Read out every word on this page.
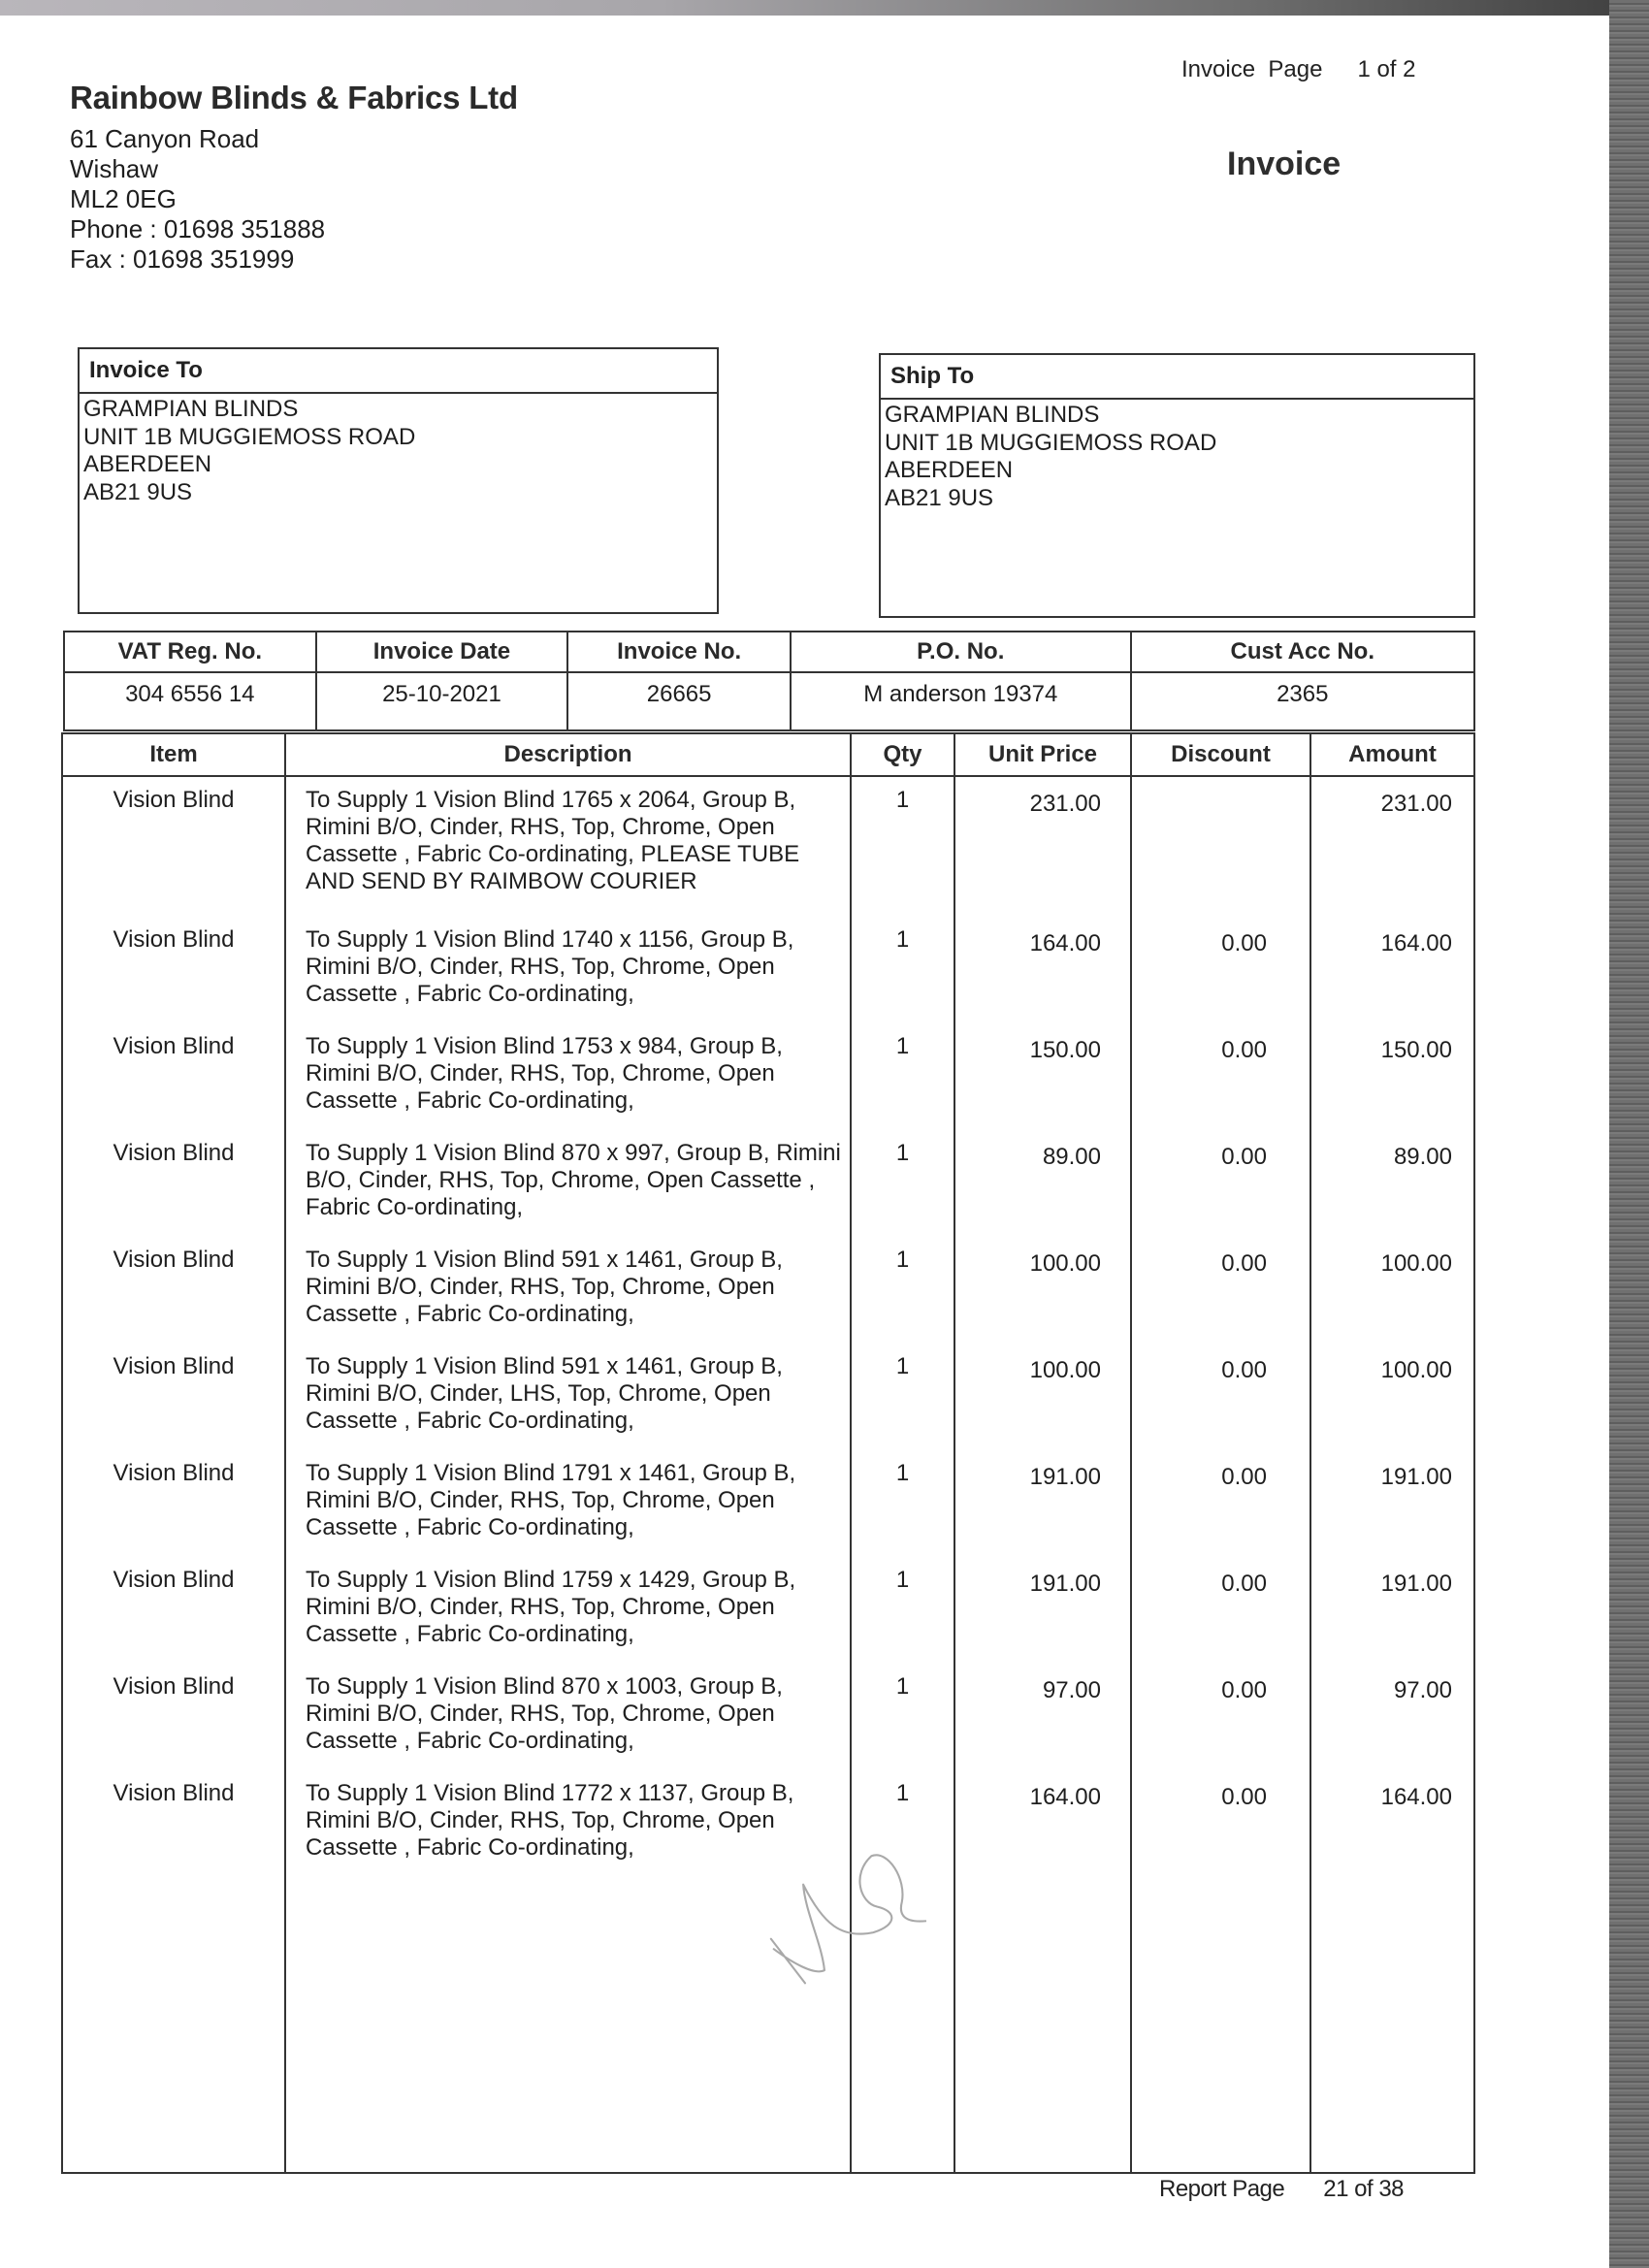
Rainbow Blinds & Fabrics Ltd
61 Canyon Road
Wishaw
ML2 0EG
Phone : 01698 351888
Fax : 01698 351999
Invoice  Page 1 of 2
Invoice
Invoice To
GRAMPIAN BLINDS
UNIT 1B MUGGIEMOSS ROAD
ABERDEEN
AB21 9US
Ship To
GRAMPIAN BLINDS
UNIT 1B MUGGIEMOSS ROAD
ABERDEEN
AB21 9US
VAT Reg. No.	Invoice Date	Invoice No.	P.O. No.	Cust Acc No.
304 6556 14	25-10-2021	26665	M anderson 19374	2365
Item	Description	Qty	Unit Price	Discount	Amount
Vision Blind	To Supply 1 Vision Blind 1765 x 2064, Group B, Rimini B/O, Cinder, RHS, Top, Chrome, Open Cassette , Fabric Co-ordinating, PLEASE TUBE AND SEND BY RAIMBOW COURIER	1	231.00		231.00
Vision Blind	To Supply 1 Vision Blind 1740 x 1156, Group B, Rimini B/O, Cinder, RHS, Top, Chrome, Open Cassette , Fabric Co-ordinating,	1	164.00	0.00	164.00
Vision Blind	To Supply 1 Vision Blind 1753 x 984, Group B, Rimini B/O, Cinder, RHS, Top, Chrome, Open Cassette , Fabric Co-ordinating,	1	150.00	0.00	150.00
Vision Blind	To Supply 1 Vision Blind 870 x 997, Group B, Rimini B/O, Cinder, RHS, Top, Chrome, Open Cassette , Fabric Co-ordinating,	1	89.00	0.00	89.00
Vision Blind	To Supply 1 Vision Blind 591 x 1461, Group B, Rimini B/O, Cinder, RHS, Top, Chrome, Open Cassette , Fabric Co-ordinating,	1	100.00	0.00	100.00
Vision Blind	To Supply 1 Vision Blind 591 x 1461, Group B, Rimini B/O, Cinder, LHS, Top, Chrome, Open Cassette , Fabric Co-ordinating,	1	100.00	0.00	100.00
Vision Blind	To Supply 1 Vision Blind 1791 x 1461, Group B, Rimini B/O, Cinder, RHS, Top, Chrome, Open Cassette , Fabric Co-ordinating,	1	191.00	0.00	191.00
Vision Blind	To Supply 1 Vision Blind 1759 x 1429, Group B, Rimini B/O, Cinder, RHS, Top, Chrome, Open Cassette , Fabric Co-ordinating,	1	191.00	0.00	191.00
Vision Blind	To Supply 1 Vision Blind 870 x 1003, Group B, Rimini B/O, Cinder, RHS, Top, Chrome, Open Cassette , Fabric Co-ordinating,	1	97.00	0.00	97.00
Vision Blind	To Supply 1 Vision Blind 1772 x 1137, Group B, Rimini B/O, Cinder, RHS, Top, Chrome, Open Cassette , Fabric Co-ordinating,	1	164.00	0.00	164.00

Report Page 21 of 38
